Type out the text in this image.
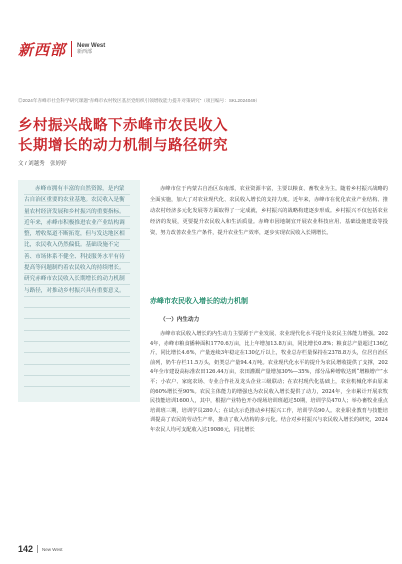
新西部 New West
新西部
◎2024年赤峰市社会科学研究课题“赤峰市农村牧区基层党组织引领增收能力提升对策研究”（项目编号：SKL2024049）
乡村振兴战略下赤峰市农民收入
长期增长的动力机制与路径研究
文 / 刘越秀　张婷婷
赤峰市拥有丰富的自然资源，是内蒙古自治区重要的农业基地。农民收入是衡量农村经济发展和乡村振兴的重要指标。近年来，赤峰市积极推进农业产业结构调整，增收渠道不断拓宽，但与发达地区相比，农民收入仍然偏低。基础设施不完善、市场体系不健全、科技服务水平有待提高等问题制约着农民收入的持续增长。研究赤峰市农民收入长期增长的动力机制与路径，对推动乡村振兴具有重要意义。
赤峰市位于内蒙古自治区东南部，农业资源丰富，主要以粮食、畜牧业为主。随着乡村振兴战略的全面实施，加大了对农业现代化、农民收入增长的支持力度。近年来，赤峰市在优化农业产业结构、推动农村经济多元化发展等方面取得了一定成就，乡村振兴的战略构建逐步形成。乡村振兴不仅包括农业经济的发展，更要提升农民收入和生活质量。赤峰市因地制宜开展农业科技应用、基础设施建设等投资，努力改善农业生产条件，提升农业生产效率，逐步实现农民收入长期增长。
赤峰市农民收入增长的动力机制
（一）内生动力
赤峰市农民收入增长的内生动力主要源于产业发展、农业现代化水平提升及农民主体能力增强。2024年，赤峰市粮食播种面积1770.6万亩，比上年增加13.8万亩，同比增长0.8%；粮食总产量超过136亿斤，同比增长4.6%，产量连续3年稳定在130亿斤以上，牧业总存栏量保持在2378.8万头，位居自治区前列，奶牛存栏11.5万头，奶类总产量94.4万吨。农业现代化水平的提升为农民增收提供了支撑，2024年全市建设高标准农田126.44万亩，农田灌溉产量增加30%—35%，部分品种增收达到“增粮增产”水平；小农户、家庭农场、专业合作社及龙头企业三级联动；在农村现代化基础上，农业机械化率由原来的60%增长至90%。农民主体能力的增强也为农民收入增长提供了动力，2024年，全市累计开展农牧民技能培训1600人，其中，根据产业特色开办现场培训班超过50期，培训学员470人；举办畜牧业重点培训班三期，培训学员280人；在试点示范推动乡村振兴工作，培训学员90人。农业职业教育与技能培训提高了农民的劳动生产率，推动了收入结构的多元化。结合对乡村振兴与农民收入增长的研究，2024年农民人均可支配收入达19086元，同比增长
142 New West
